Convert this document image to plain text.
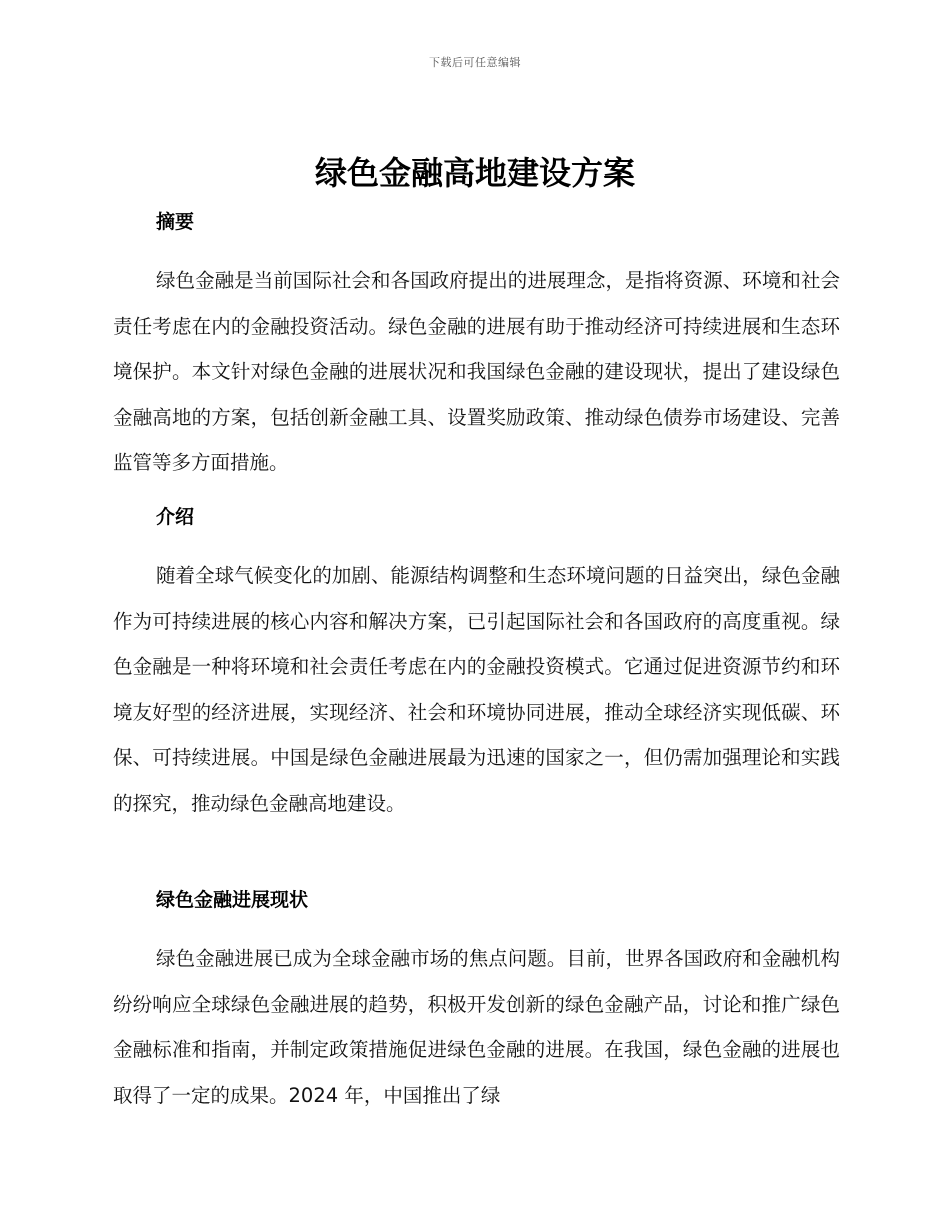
下载后可任意编辑
绿色金融高地建设方案
摘要

绿色金融是当前国际社会和各国政府提出的进展理念，是指将资源、环境和社会责任考虑在内的金融投资活动。绿色金融的进展有助于推动经济可持续进展和生态环境保护。本文针对绿色金融的进展状况和我国绿色金融的建设现状，提出了建设绿色金融高地的方案，包括创新金融工具、设置奖励政策、推动绿色债券市场建设、完善监管等多方面措施。

介绍

随着全球气候变化的加剧、能源结构调整和生态环境问题的日益突出，绿色金融作为可持续进展的核心内容和解决方案，已引起国际社会和各国政府的高度重视。绿色金融是一种将环境和社会责任考虑在内的金融投资模式。它通过促进资源节约和环境友好型的经济进展，实现经济、社会和环境协同进展，推动全球经济实现低碳、环保、可持续进展。中国是绿色金融进展最为迅速的国家之一，但仍需加强理论和实践的探究，推动绿色金融高地建设。

绿色金融进展现状

绿色金融进展已成为全球金融市场的焦点问题。目前，世界各国政府和金融机构纷纷响应全球绿色金融进展的趋势，积极开发创新的绿色金融产品，讨论和推广绿色金融标准和指南，并制定政策措施促进绿色金融的进展。在我国，绿色金融的进展也取得了一定的成果。2024 年，中国推出了绿
